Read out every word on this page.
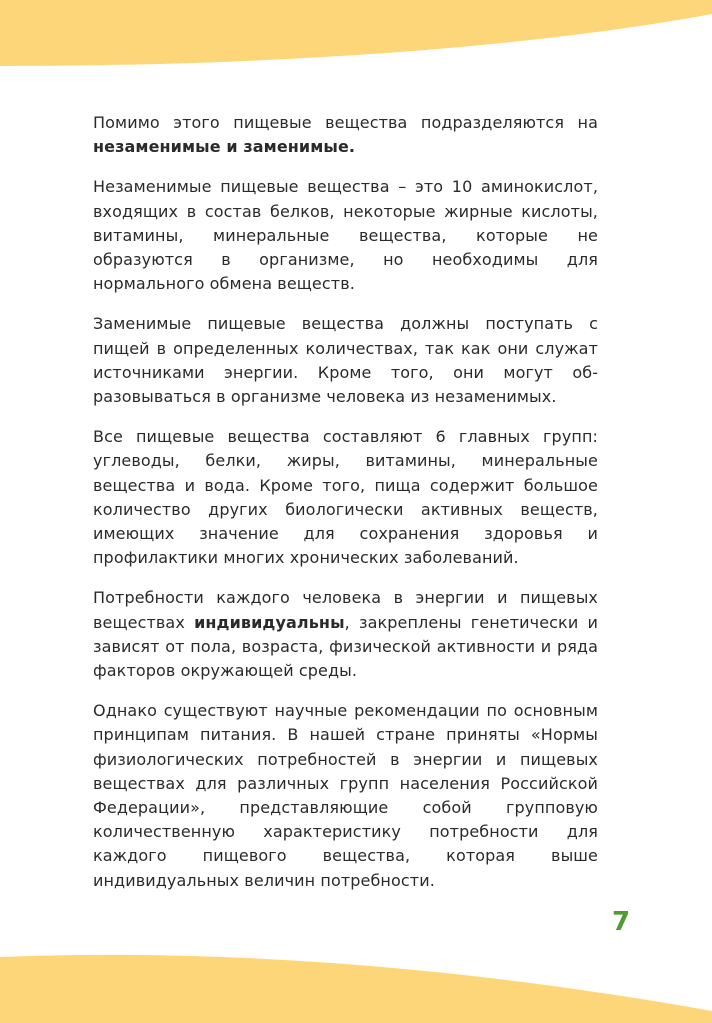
Помимо этого пищевые вещества подразделяются на незаменимые и заменимые.

Незаменимые пищевые вещества – это 10 аминокислот, входящих в состав белков, некоторые жирные кислоты, витамины, минеральные вещества, которые не образуются в организме, но необходимы для нормального обмена веществ.

Заменимые пищевые вещества должны поступать с пищей в определенных количествах, так как они служат источниками энергии. Кроме того, они могут образовываться в организме человека из незаменимых.

Все пищевые вещества составляют 6 главных групп: углеводы, белки, жиры, витамины, минеральные вещества и вода. Кроме того, пища содержит большое количество других биологически активных веществ, имеющих значение для сохранения здоровья и профилактики многих хронических заболеваний.

Потребности каждого человека в энергии и пищевых веществах индивидуальны, закреплены генетически и зависят от пола, возраста, физической активности и ряда факторов окружающей среды.

Однако существуют научные рекомендации по основным принципам питания. В нашей стране приняты «Нормы физиологических потребностей в энергии и пищевых веществах для различных групп населения Российской Федерации», представляющие собой групповую количественную характеристику потребности для каждого пищевого вещества, которая выше индивидуальных величин потребности.

7
